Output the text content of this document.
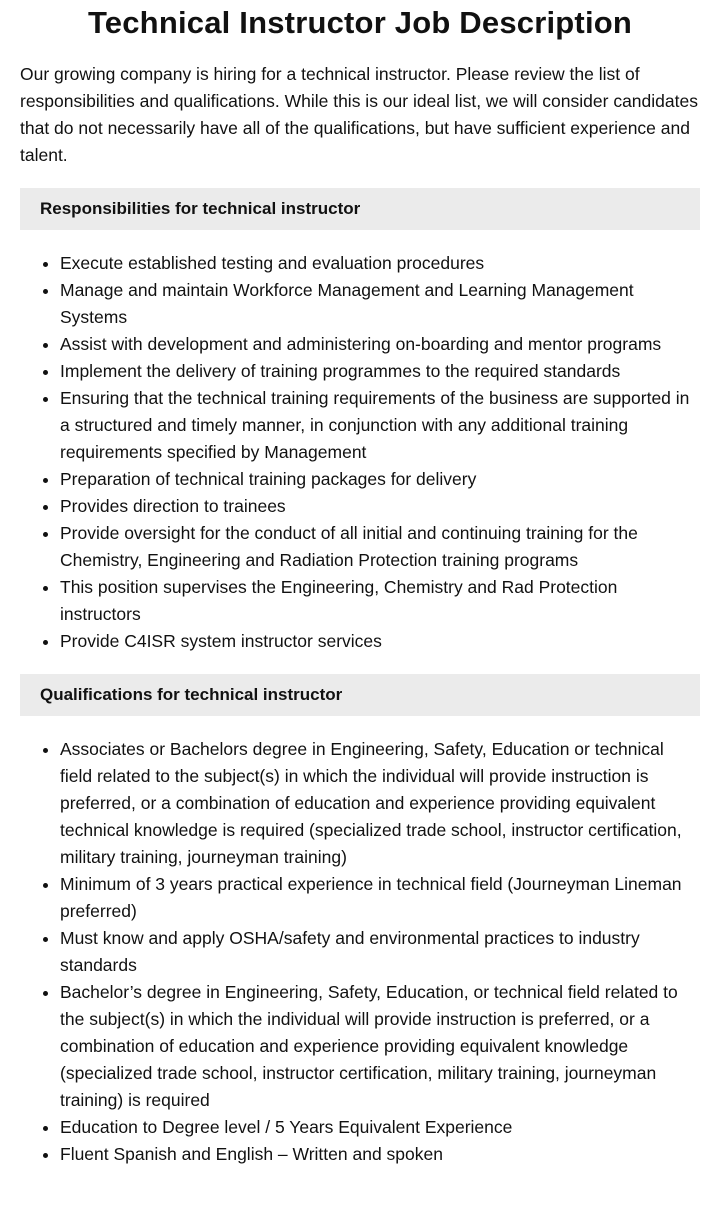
Technical Instructor Job Description

Our growing company is hiring for a technical instructor. Please review the list of responsibilities and qualifications. While this is our ideal list, we will consider candidates that do not necessarily have all of the qualifications, but have sufficient experience and talent.

Responsibilities for technical instructor
• Execute established testing and evaluation procedures
• Manage and maintain Workforce Management and Learning Management Systems
• Assist with development and administering on-boarding and mentor programs
• Implement the delivery of training programmes to the required standards
• Ensuring that the technical training requirements of the business are supported in a structured and timely manner, in conjunction with any additional training requirements specified by Management
• Preparation of technical training packages for delivery
• Provides direction to trainees
• Provide oversight for the conduct of all initial and continuing training for the Chemistry, Engineering and Radiation Protection training programs
• This position supervises the Engineering, Chemistry and Rad Protection instructors
• Provide C4ISR system instructor services
Qualifications for technical instructor
• Associates or Bachelors degree in Engineering, Safety, Education or technical field related to the subject(s) in which the individual will provide instruction is preferred, or a combination of education and experience providing equivalent technical knowledge is required (specialized trade school, instructor certification, military training, journeyman training)
• Minimum of 3 years practical experience in technical field (Journeyman Lineman preferred)
• Must know and apply OSHA/safety and environmental practices to industry standards
• Bachelor’s degree in Engineering, Safety, Education, or technical field related to the subject(s) in which the individual will provide instruction is preferred, or a combination of education and experience providing equivalent knowledge (specialized trade school, instructor certification, military training, journeyman training) is required
• Education to Degree level / 5 Years Equivalent Experience
• Fluent Spanish and English – Written and spoken
